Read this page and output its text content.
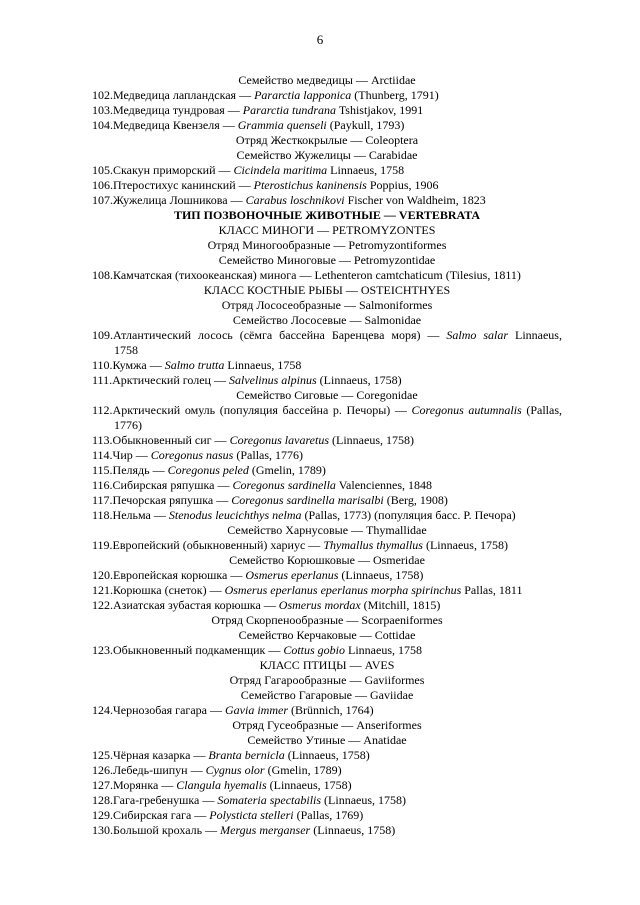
6
Семейство медведицы — Arctiidae
102.Медведица лапландская — Pararctia lapponica (Thunberg, 1791)
103.Медведица тундровая — Pararctia tundrana Tshistjakov, 1991
104.Медведица Квензеля — Grammia quenseli (Paykull, 1793)
Отряд Жесткокрылые — Coleoptera
Семейство Жужелицы — Carabidae
105.Скакун приморский — Cicindela maritima Linnaeus, 1758
106.Птеростихус канинский — Pterostichus kaninensis Poppius, 1906
107.Жужелица Лошникова — Carabus loschnikovi Fischer von Waldheim, 1823
ТИП ПОЗВОНОЧНЫЕ ЖИВОТНЫЕ — VERTEBRATA
КЛАСС МИНОГИ — PETROMYZONTES
Отряд Миногообразные — Petromyzontiformes
Семейство Миноговые — Petromyzontidae
108.Камчатская (тихоокеанская) минога — Lethenteron camtchaticum (Tilesius, 1811)
КЛАСС КОСТНЫЕ РЫБЫ — OSTEICHTHYES
Отряд Лососеобразные — Salmoniformes
Семейство Лососевые — Salmonidae
109.Атлантический лосось (сёмга бассейна Баренцева моря) — Salmo salar Linnaeus,
1758
110.Кумжа — Salmo trutta Linnaeus, 1758
111.Арктический голец — Salvelinus alpinus (Linnaeus, 1758)
Семейство Сиговые — Coregonidae
112.Арктический омуль (популяция бассейна р. Печоры) — Coregonus autumnalis (Pallas,
1776)
113.Обыкновенный сиг — Coregonus lavaretus (Linnaeus, 1758)
114.Чир — Coregonus nasus (Pallas, 1776)
115.Пелядь — Coregonus peled (Gmelin, 1789)
116.Сибирская ряпушка — Coregonus sardinella Valenciennes, 1848
117.Печорская ряпушка — Coregonus sardinella marisalbi (Berg, 1908)
118.Нельма — Stenodus leucichthys nelma (Pallas, 1773) (популяция басс. Р. Печора)
Семейство Харнусовые — Thymallidae
119.Европейский (обыкновенный) хариус — Thymallus thymallus (Linnaeus, 1758)
Семейство Корюшковые — Osmeridae
120.Европейская корюшка — Osmerus eperlanus (Linnaeus, 1758)
121.Корюшка (снеток) — Osmerus eperlanus eperlanus morpha spirinchus Pallas, 1811
122.Азиатская зубастая корюшка — Osmerus mordax (Mitchill, 1815)
Отряд Скорпенообразные — Scorpaeniformes
Семейство Керчаковые — Cottidae
123.Обыкновенный подкаменщик — Cottus gobio Linnaeus, 1758
КЛАСС ПТИЦЫ — AVES
Отряд Гагарообразные — Gaviiformes
Семейство Гагаровые — Gaviidae
124.Чернозобая гагара — Gavia immer (Brünnich, 1764)
Отряд Гусеобразные — Anseriformes
Семейство Утиные — Anatidae
125.Чёрная казарка — Branta bernicla (Linnaeus, 1758)
126.Лебедь-шипун — Cygnus olor (Gmelin, 1789)
127.Морянка — Clangula hyemalis (Linnaeus, 1758)
128.Гага-гребенушка — Somateria spectabilis (Linnaeus, 1758)
129.Сибирская гага — Polysticta stelleri (Pallas, 1769)
130.Большой крохаль — Mergus merganser (Linnaeus, 1758)
